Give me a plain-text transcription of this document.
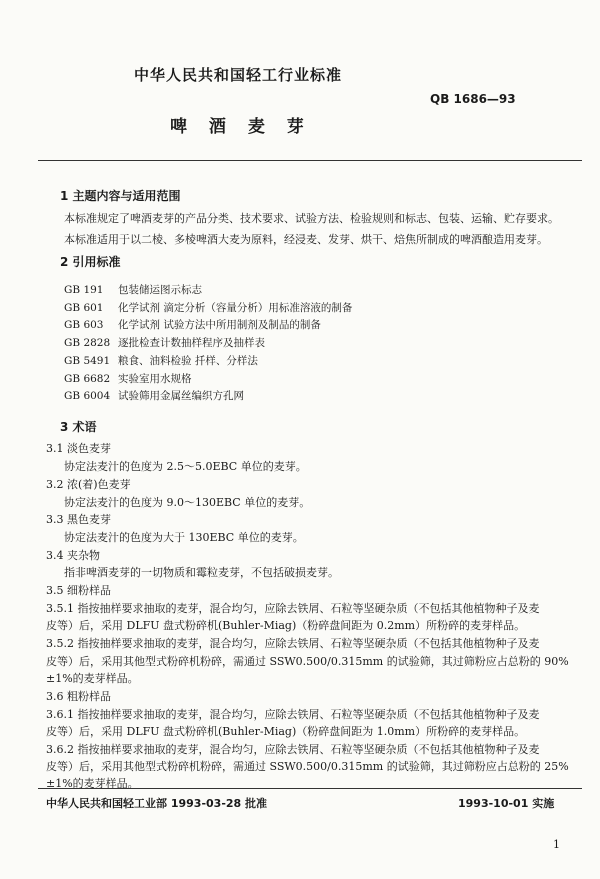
中华人民共和国轻工行业标准
QB 1686—93
啤 酒 麦 芽
1 主题内容与适用范围
本标准规定了啤酒麦芽的产品分类、技术要求、试验方法、检验规则和标志、包装、运输、贮存要求。
本标准适用于以二棱、多棱啤酒大麦为原料，经浸麦、发芽、烘干、焙焦所制成的啤酒酿造用麦芽。
2 引用标准
GB 191 包装储运图示标志
GB 601 化学试剂 滴定分析（容量分析）用标准溶液的制备
GB 603 化学试剂 试验方法中所用制剂及制品的制备
GB 2828 逐批检查计数抽样程序及抽样表
GB 5491 粮食、油料检验 扦样、分样法
GB 6682 实验室用水规格
GB 6004 试验筛用金属丝编织方孔网
3 术语
3.1 淡色麦芽
协定法麦汁的色度为 2.5～5.0EBC 单位的麦芽。
3.2 浓(着)色麦芽
协定法麦汁的色度为 9.0～130EBC 单位的麦芽。
3.3 黑色麦芽
协定法麦汁的色度为大于 130EBC 单位的麦芽。
3.4 夹杂物
指非啤酒麦芽的一切物质和霉粒麦芽，不包括破损麦芽。
3.5 细粉样品
3.5.1 指按抽样要求抽取的麦芽，混合均匀，应除去铁屑、石粒等坚硬杂质（不包括其他植物种子及麦
皮等）后，采用 DLFU 盘式粉碎机(Buhler-Miag)（粉碎盘间距为 0.2mm）所粉碎的麦芽样品。
3.5.2 指按抽样要求抽取的麦芽，混合均匀，应除去铁屑、石粒等坚硬杂质（不包括其他植物种子及麦
皮等）后，采用其他型式粉碎机粉碎，需通过 SSW0.500/0.315mm 的试验筛，其过筛粉应占总粉的 90%
±1%的麦芽样品。
3.6 粗粉样品
3.6.1 指按抽样要求抽取的麦芽，混合均匀，应除去铁屑、石粒等坚硬杂质（不包括其他植物种子及麦
皮等）后，采用 DLFU 盘式粉碎机(Buhler-Miag)（粉碎盘间距为 1.0mm）所粉碎的麦芽样品。
3.6.2 指按抽样要求抽取的麦芽，混合均匀，应除去铁屑、石粒等坚硬杂质（不包括其他植物种子及麦
皮等）后，采用其他型式粉碎机粉碎，需通过 SSW0.500/0.315mm 的试验筛，其过筛粉应占总粉的 25%
±1%的麦芽样品。
中华人民共和国轻工业部 1993-03-28 批准	1993-10-01 实施
1
